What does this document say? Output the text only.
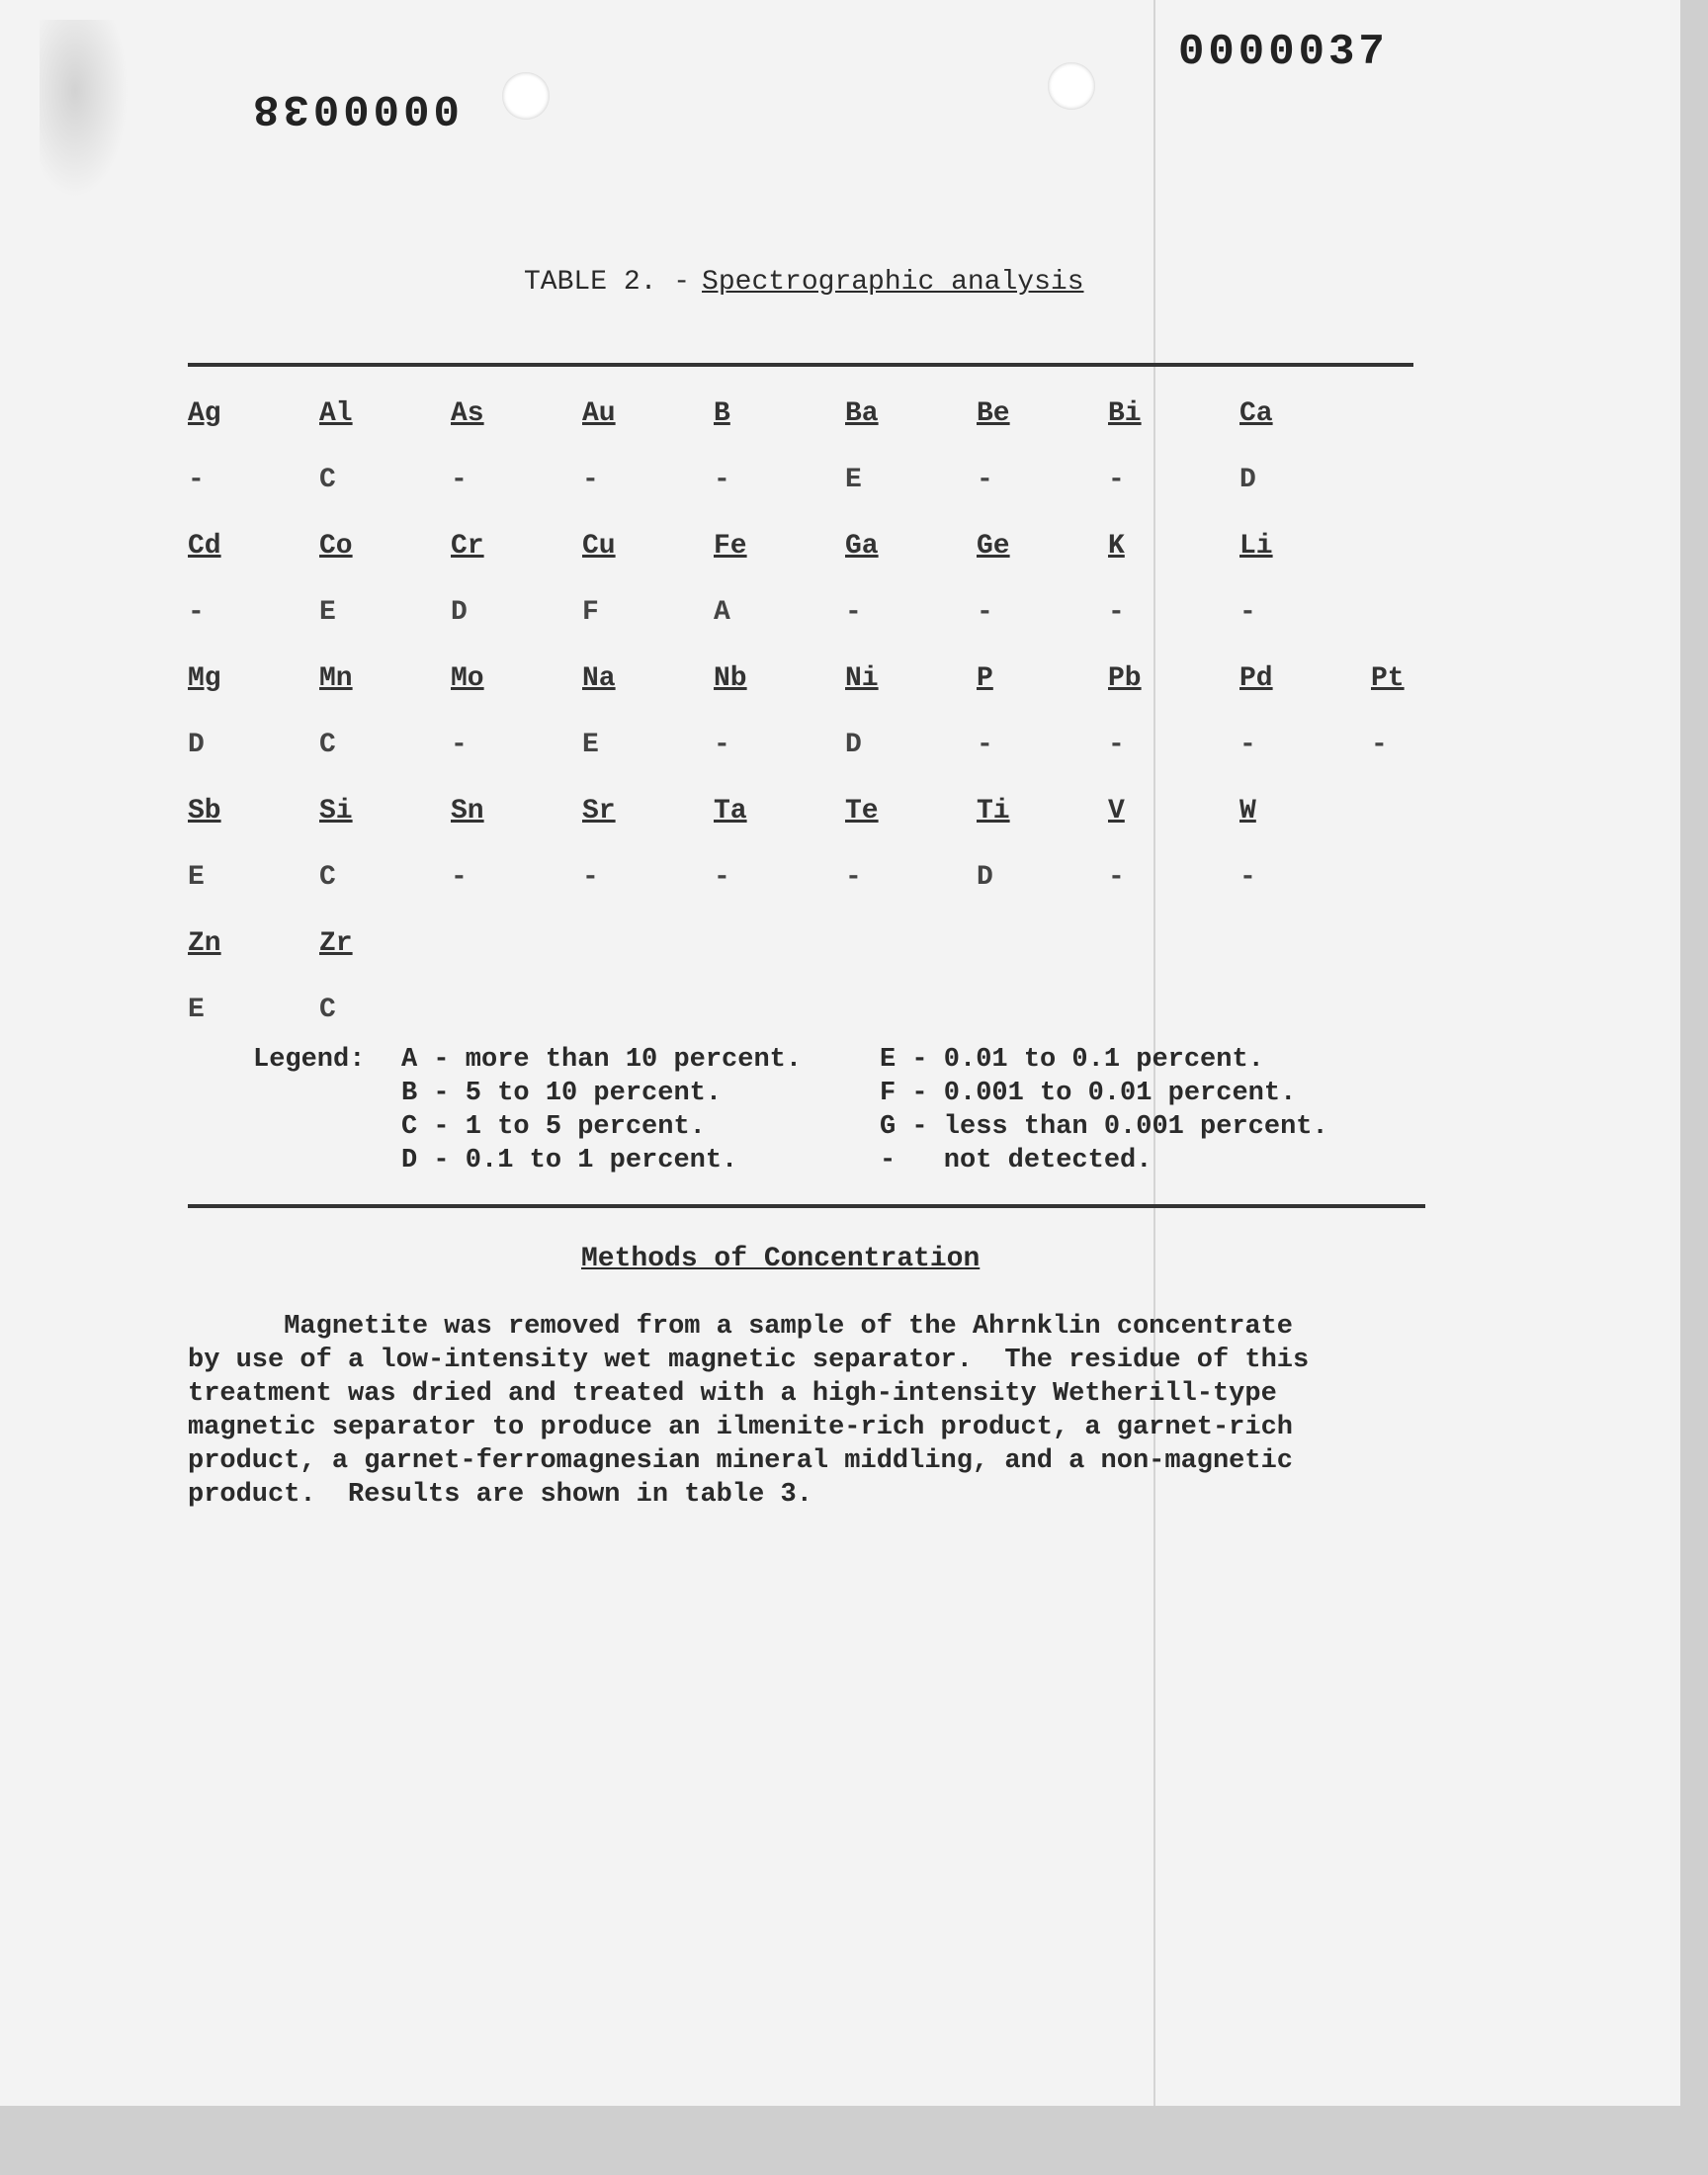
0000037
0000038
TABLE 2. - Spectrographic analysis
Ag	Al	As	Au	B	Ba	Be	Bi	Ca
-	C	-	-	-	E	-	-	D
Cd	Co	Cr	Cu	Fe	Ga	Ge	K	Li
-	E	D	F	A	-	-	-	-
Mg	Mn	Mo	Na	Nb	Ni	P	Pb	Pd	Pt
D	C	-	E	-	D	-	-	-	-
Sb	Si	Sn	Sr	Ta	Te	Ti	V	W
E	C	-	-	-	-	D	-	-
Zn	Zr
E	C
Legend: A - more than 10 percent.
B - 5 to 10 percent.
C - 1 to 5 percent.
D - 0.1 to 1 percent.
E - 0.01 to 0.1 percent.
F - 0.001 to 0.01 percent.
G - less than 0.001 percent.
-   not detected.
Methods of Concentration
Magnetite was removed from a sample of the Ahrnklin concentrate
by use of a low-intensity wet magnetic separator.  The residue of this
treatment was dried and treated with a high-intensity Wetherill-type
magnetic separator to produce an ilmenite-rich product, a garnet-rich
product, a garnet-ferromagnesian mineral middling, and a non-magnetic
product.  Results are shown in table 3.
